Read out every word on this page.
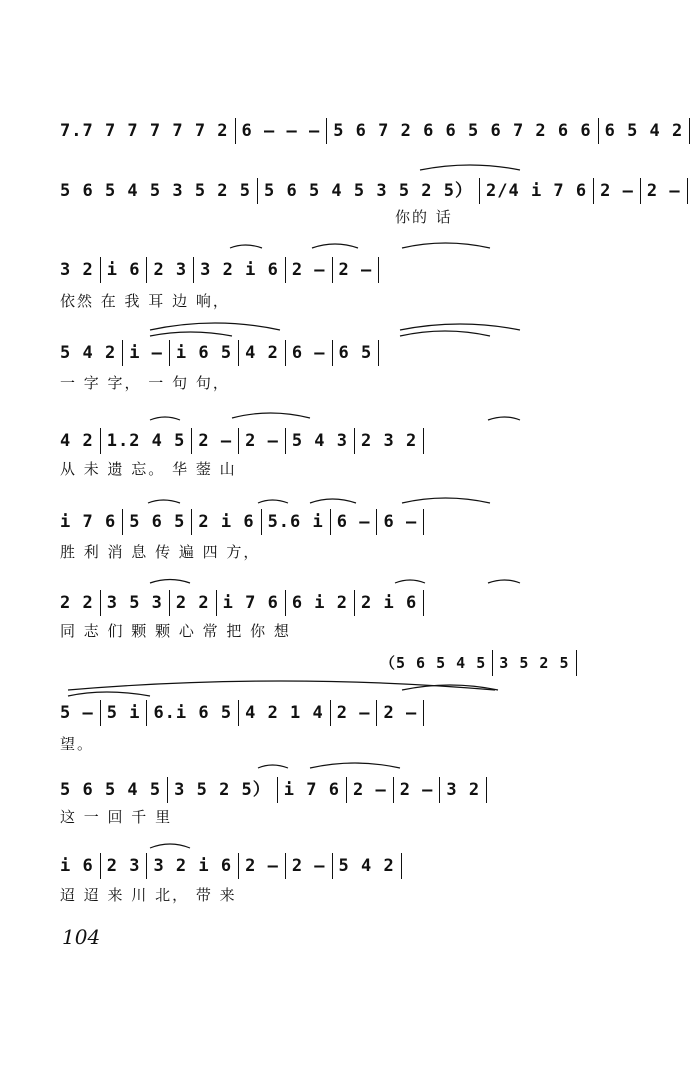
7.7 7 7 7 7 7 2 6 — — — 5 6 7 2 6 6 5 6 7 2 6 6 6 5 4 2
5 6 5 4 5 3 5 2 5 5 6 5 4 5 3 5 2 5） 2/4 i 7 6 2 — 2 —
你的 话
3 2 i 6 2 3 3 2 i 6 2 — 2 —
依然 在 我 耳 边 响，
5 4 2 i — i 6 5 4 2 6 — 6 5
一 字 字， 一 句 句，
4 2 1.2 4 5 2 — 2 — 5 4 3 2 3 2
从 未 遗 忘。 华 蓥 山
i 7 6 5 6 5 2 i 6 5.6 i 6 — 6 —
胜 利 消 息 传 遍 四 方，
2 2 3 5 3 2 2 i 7 6 6 i 2 2 i 6
同 志 们 颗 颗 心 常 把 你 想
（5 6 5 4 5 3 5 2 5
5 — 5 i 6.i 6 5 4 2 1 4 2 — 2 —
望。
5 6 5 4 5 3 5 2 5） i 7 6 2 — 2 — 3 2
这 一 回 千 里
i 6 2 3 3 2 i 6 2 — 2 — 5 4 2
迢 迢 来 川 北， 带 来
104
